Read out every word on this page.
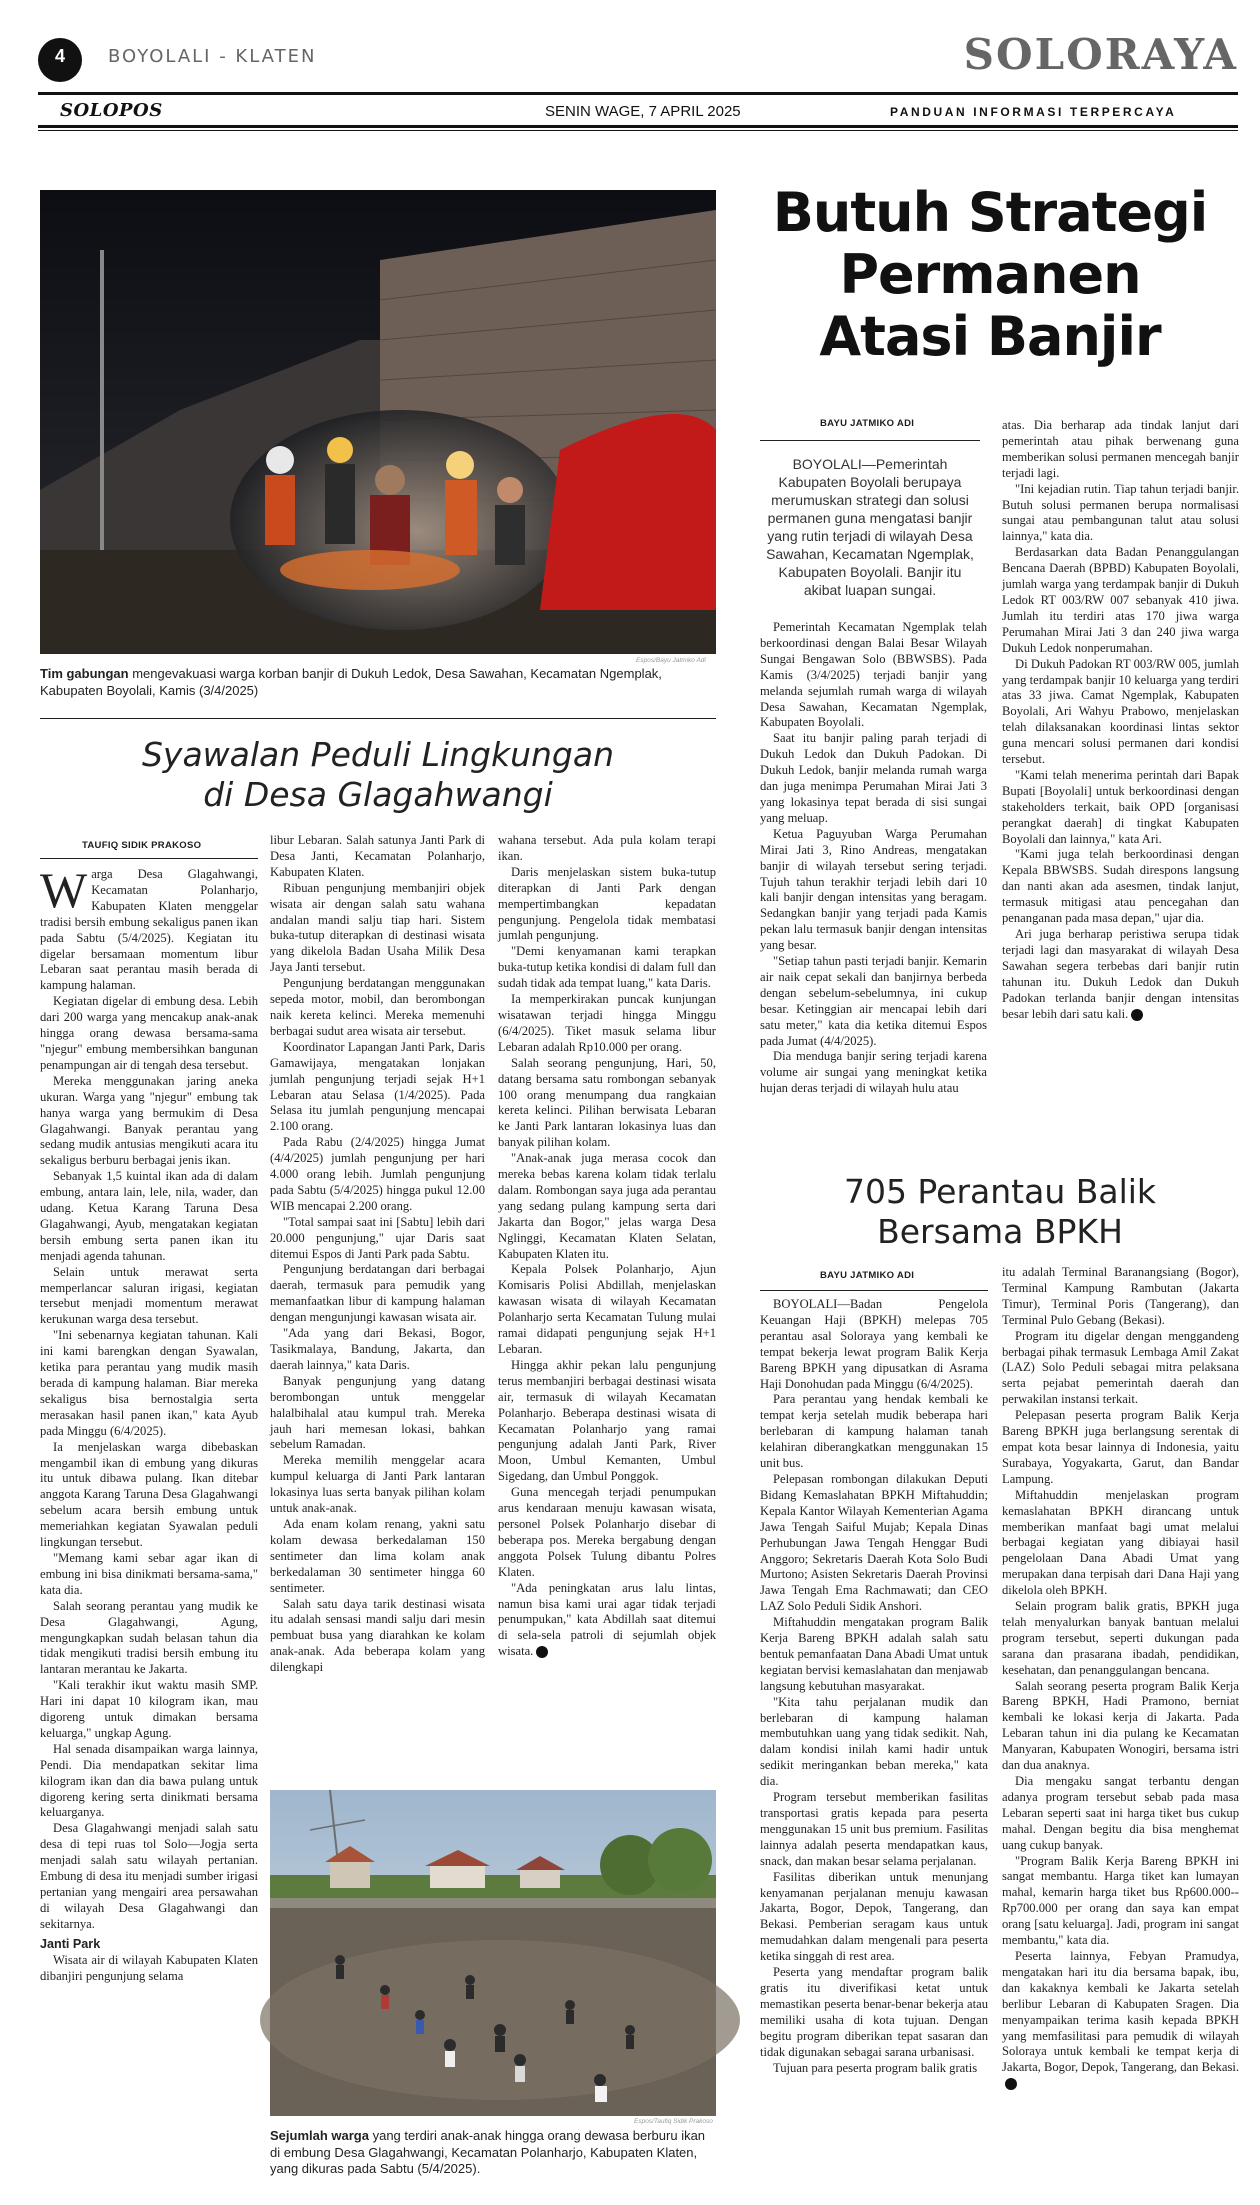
4	BOYOLALI - KLATEN	SOLORAYA
SOLOPOS	SENIN WAGE, 7 APRIL 2025	PANDUAN INFORMASI TERPERCAYA
Espos/Bayu Jatmiko Adi
Tim gabungan mengevakuasi warga korban banjir di Dukuh Ledok, Desa Sawahan, Kecamatan Ngemplak, Kabupaten Boyolali, Kamis (3/4/2025)
Butuh Strategi
Permanen
Atasi Banjir
BAYU JATMIKO ADI
BOYOLALI—Pemerintah Kabupaten Boyolali berupaya merumuskan strategi dan solusi permanen guna mengatasi banjir yang rutin terjadi di wilayah Desa Sawahan, Kecamatan Ngemplak, Kabupaten Boyolali. Banjir itu akibat luapan sungai.

Pemerintah Kecamatan Ngemplak telah berkoordinasi dengan Balai Besar Wilayah Sungai Bengawan Solo (BBWSBS). Pada Kamis (3/4/2025) terjadi banjir yang melanda sejumlah rumah warga di wilayah Desa Sawahan, Kecamatan Ngemplak, Kabupaten Boyolali.

Saat itu banjir paling parah terjadi di Dukuh Ledok dan Dukuh Padokan. Di Dukuh Ledok, banjir melanda rumah warga dan juga menimpa Perumahan Mirai Jati 3 yang lokasinya tepat berada di sisi sungai yang meluap.

Ketua Paguyuban Warga Perumahan Mirai Jati 3, Rino Andreas, mengatakan banjir di wilayah tersebut sering terjadi. Tujuh tahun terakhir terjadi lebih dari 10 kali banjir dengan intensitas yang beragam. Sedangkan banjir yang terjadi pada Kamis pekan lalu termasuk banjir dengan intensitas yang besar.

"Setiap tahun pasti terjadi banjir. Kemarin air naik cepat sekali dan banjirnya berbeda dengan sebelum-sebelumnya, ini cukup besar. Ketinggian air mencapai lebih dari satu meter," kata dia ketika ditemui Espos pada Jumat (4/4/2025).

Dia menduga banjir sering terjadi karena volume air sungai yang meningkat ketika hujan deras terjadi di wilayah hulu atau

atas. Dia berharap ada tindak lanjut dari pemerintah atau pihak berwenang guna memberikan solusi permanen mencegah banjir terjadi lagi.

"Ini kejadian rutin. Tiap tahun terjadi banjir. Butuh solusi permanen berupa normalisasi sungai atau pembangunan talut atau solusi lainnya," kata dia.

Berdasarkan data Badan Penanggulangan Bencana Daerah (BPBD) Kabupaten Boyolali, jumlah warga yang terdampak banjir di Dukuh Ledok RT 003/RW 007 sebanyak 410 jiwa. Jumlah itu terdiri atas 170 jiwa warga Perumahan Mirai Jati 3 dan 240 jiwa warga Dukuh Ledok nonperumahan.

Di Dukuh Padokan RT 003/RW 005, jumlah yang terdampak banjir 10 keluarga yang terdiri atas 33 jiwa. Camat Ngemplak, Kabupaten Boyolali, Ari Wahyu Prabowo, menjelaskan telah dilaksanakan koordinasi lintas sektor guna mencari solusi permanen dari kondisi tersebut.

"Kami telah menerima perintah dari Bapak Bupati [Boyolali] untuk berkoordinasi dengan stakeholders terkait, baik OPD [organisasi perangkat daerah] di tingkat Kabupaten Boyolali dan lainnya," kata Ari.

"Kami juga telah berkoordinasi dengan Kepala BBWSBS. Sudah direspons langsung dan nanti akan ada asesmen, tindak lanjut, termasuk mitigasi atau pencegahan dan penanganan pada masa depan," ujar dia.

Ari juga berharap peristiwa serupa tidak terjadi lagi dan masyarakat di wilayah Desa Sawahan segera terbebas dari banjir rutin tahunan itu. Dukuh Ledok dan Dukuh Padokan terlanda banjir dengan intensitas besar lebih dari satu kali.

Syawalan Peduli Lingkungan
di Desa Glagahwangi
TAUFIQ SIDIK PRAKOSO

Warga Desa Glagahwangi, Kecamatan Polanharjo, Kabupaten Klaten menggelar tradisi bersih embung sekaligus panen ikan pada Sabtu (5/4/2025). Kegiatan itu digelar bersamaan momentum libur Lebaran saat perantau masih berada di kampung halaman.

Kegiatan digelar di embung desa. Lebih dari 200 warga yang mencakup anak-anak hingga orang dewasa bersama-sama "njegur" embung membersihkan bangunan penampungan air di tengah desa tersebut.

Mereka menggunakan jaring aneka ukuran. Warga yang "njegur" embung tak hanya warga yang bermukim di Desa Glagahwangi. Banyak perantau yang sedang mudik antusias mengikuti acara itu sekaligus berburu berbagai jenis ikan.

Sebanyak 1,5 kuintal ikan ada di dalam embung, antara lain, lele, nila, wader, dan udang. Ketua Karang Taruna Desa Glagahwangi, Ayub, mengatakan kegiatan bersih embung serta panen ikan itu menjadi agenda tahunan.

Selain untuk merawat serta memperlancar saluran irigasi, kegiatan tersebut menjadi momentum merawat kerukunan warga desa tersebut.

"Ini sebenarnya kegiatan tahunan. Kali ini kami barengkan dengan Syawalan, ketika para perantau yang mudik masih berada di kampung halaman. Biar mereka sekaligus bisa bernostalgia serta merasakan hasil panen ikan," kata Ayub pada Minggu (6/4/2025).

Ia menjelaskan warga dibebaskan mengambil ikan di embung yang dikuras itu untuk dibawa pulang. Ikan ditebar anggota Karang Taruna Desa Glagahwangi sebelum acara bersih embung untuk memeriahkan kegiatan Syawalan peduli lingkungan tersebut.

"Memang kami sebar agar ikan di embung ini bisa dinikmati bersama-sama," kata dia.

Salah seorang perantau yang mudik ke Desa Glagahwangi, Agung, mengungkapkan sudah belasan tahun dia tidak mengikuti tradisi bersih embung itu lantaran merantau ke Jakarta.

"Kali terakhir ikut waktu masih SMP. Hari ini dapat 10 kilogram ikan, mau digoreng untuk dimakan bersama keluarga," ungkap Agung.

Hal senada disampaikan warga lainnya, Pendi. Dia mendapatkan sekitar lima kilogram ikan dan dia bawa pulang untuk digoreng kering serta dinikmati bersama keluarganya.

Desa Glagahwangi menjadi salah satu desa di tepi ruas tol Solo—Jogja serta menjadi salah satu wilayah pertanian. Embung di desa itu menjadi sumber irigasi pertanian yang mengairi area persawahan di wilayah Desa Glagahwangi dan sekitarnya.

Janti Park

Wisata air di wilayah Kabupaten Klaten dibanjiri pengunjung selama

libur Lebaran. Salah satunya Janti Park di Desa Janti, Kecamatan Polanharjo, Kabupaten Klaten.

Ribuan pengunjung membanjiri objek wisata air dengan salah satu wahana andalan mandi salju tiap hari. Sistem buka-tutup diterapkan di destinasi wisata yang dikelola Badan Usaha Milik Desa Jaya Janti tersebut.

Pengunjung berdatangan menggunakan sepeda motor, mobil, dan berombongan naik kereta kelinci. Mereka memenuhi berbagai sudut area wisata air tersebut.

Koordinator Lapangan Janti Park, Daris Gamawijaya, mengatakan lonjakan jumlah pengunjung terjadi sejak H+1 Lebaran atau Selasa (1/4/2025). Pada Selasa itu jumlah pengunjung mencapai 2.100 orang.

Pada Rabu (2/4/2025) hingga Jumat (4/4/2025) jumlah pengunjung per hari 4.000 orang lebih. Jumlah pengunjung pada Sabtu (5/4/2025) hingga pukul 12.00 WIB mencapai 2.200 orang.

"Total sampai saat ini [Sabtu] lebih dari 20.000 pengunjung," ujar Daris saat ditemui Espos di Janti Park pada Sabtu.

Pengunjung berdatangan dari berbagai daerah, termasuk para pemudik yang memanfaatkan libur di kampung halaman dengan mengunjungi kawasan wisata air.

"Ada yang dari Bekasi, Bogor, Tasikmalaya, Bandung, Jakarta, dan daerah lainnya," kata Daris.

Banyak pengunjung yang datang berombongan untuk menggelar halalbihalal atau kumpul trah. Mereka jauh hari memesan lokasi, bahkan sebelum Ramadan.

Mereka memilih menggelar acara kumpul keluarga di Janti Park lantaran lokasinya luas serta banyak pilihan kolam untuk anak-anak.

Ada enam kolam renang, yakni satu kolam dewasa berkedalaman 150 sentimeter dan lima kolam anak berkedalaman 30 sentimeter hingga 60 sentimeter.

Salah satu daya tarik destinasi wisata itu adalah sensasi mandi salju dari mesin pembuat busa yang diarahkan ke kolam anak-anak. Ada beberapa kolam yang dilengkapi

wahana tersebut. Ada pula kolam terapi ikan.

Daris menjelaskan sistem buka-tutup diterapkan di Janti Park dengan mempertimbangkan kepadatan pengunjung. Pengelola tidak membatasi jumlah pengunjung.

"Demi kenyamanan kami terapkan buka-tutup ketika kondisi di dalam full dan sudah tidak ada tempat luang," kata Daris.

Ia memperkirakan puncak kunjungan wisatawan terjadi hingga Minggu (6/4/2025). Tiket masuk selama libur Lebaran adalah Rp10.000 per orang.

Salah seorang pengunjung, Hari, 50, datang bersama satu rombongan sebanyak 100 orang menumpang dua rangkaian kereta kelinci. Pilihan berwisata Lebaran ke Janti Park lantaran lokasinya luas dan banyak pilihan kolam.

"Anak-anak juga merasa cocok dan mereka bebas karena kolam tidak terlalu dalam. Rombongan saya juga ada perantau yang sedang pulang kampung serta dari Jakarta dan Bogor," jelas warga Desa Nglinggi, Kecamatan Klaten Selatan, Kabupaten Klaten itu.

Kepala Polsek Polanharjo, Ajun Komisaris Polisi Abdillah, menjelaskan kawasan wisata di wilayah Kecamatan Polanharjo serta Kecamatan Tulung mulai ramai didapati pengunjung sejak H+1 Lebaran.

Hingga akhir pekan lalu pengunjung terus membanjiri berbagai destinasi wisata air, termasuk di wilayah Kecamatan Polanharjo. Beberapa destinasi wisata di Kecamatan Polanharjo yang ramai pengunjung adalah Janti Park, River Moon, Umbul Kemanten, Umbul Sigedang, dan Umbul Ponggok.

Guna mencegah terjadi penumpukan arus kendaraan menuju kawasan wisata, personel Polsek Polanharjo disebar di beberapa pos. Mereka bergabung dengan anggota Polsek Tulung dibantu Polres Klaten.

"Ada peningkatan arus lalu lintas, namun bisa kami urai agar tidak terjadi penumpukan," kata Abdillah saat ditemui di sela-sela patroli di sejumlah objek wisata.

Espos/Taufiq Sidik Prakoso
Sejumlah warga yang terdiri anak-anak hingga orang dewasa berburu ikan di embung Desa Glagahwangi, Kecamatan Polanharjo, Kabupaten Klaten, yang dikuras pada Sabtu (5/4/2025).
705 Perantau Balik
Bersama BPKH
BAYU JATMIKO ADI

BOYOLALI—Badan Pengelola Keuangan Haji (BPKH) melepas 705 perantau asal Soloraya yang kembali ke tempat bekerja lewat program Balik Kerja Bareng BPKH yang dipusatkan di Asrama Haji Donohudan pada Minggu (6/4/2025).

Para perantau yang hendak kembali ke tempat kerja setelah mudik beberapa hari berlebaran di kampung halaman tanah kelahiran diberangkatkan menggunakan 15 unit bus.

Pelepasan rombongan dilakukan Deputi Bidang Kemaslahatan BPKH Miftahuddin; Kepala Kantor Wilayah Kementerian Agama Jawa Tengah Saiful Mujab; Kepala Dinas Perhubungan Jawa Tengah Henggar Budi Anggoro; Sekretaris Daerah Kota Solo Budi Murtono; Asisten Sekretaris Daerah Provinsi Jawa Tengah Ema Rachmawati; dan CEO LAZ Solo Peduli Sidik Anshori.

Miftahuddin mengatakan program Balik Kerja Bareng BPKH adalah salah satu bentuk pemanfaatan Dana Abadi Umat untuk kegiatan bervisi kemaslahatan dan menjawab langsung kebutuhan masyarakat.

"Kita tahu perjalanan mudik dan berlebaran di kampung halaman membutuhkan uang yang tidak sedikit. Nah, dalam kondisi inilah kami hadir untuk sedikit meringankan beban mereka," kata dia.

Program tersebut memberikan fasilitas transportasi gratis kepada para peserta menggunakan 15 unit bus premium. Fasilitas lainnya adalah peserta mendapatkan kaus, snack, dan makan besar selama perjalanan.

Fasilitas diberikan untuk menunjang kenyamanan perjalanan menuju kawasan Jakarta, Bogor, Depok, Tangerang, dan Bekasi. Pemberian seragam kaus untuk memudahkan dalam mengenali para peserta ketika singgah di rest area.

Peserta yang mendaftar program balik gratis itu diverifikasi ketat untuk memastikan peserta benar-benar bekerja atau memiliki usaha di kota tujuan. Dengan begitu program diberikan tepat sasaran dan tidak digunakan sebagai sarana urbanisasi.

Tujuan para peserta program balik gratis

itu adalah Terminal Baranangsiang (Bogor), Terminal Kampung Rambutan (Jakarta Timur), Terminal Poris (Tangerang), dan Terminal Pulo Gebang (Bekasi).

Program itu digelar dengan menggandeng berbagai pihak termasuk Lembaga Amil Zakat (LAZ) Solo Peduli sebagai mitra pelaksana serta pejabat pemerintah daerah dan perwakilan instansi terkait.

Pelepasan peserta program Balik Kerja Bareng BPKH juga berlangsung serentak di empat kota besar lainnya di Indonesia, yaitu Surabaya, Yogyakarta, Garut, dan Bandar Lampung.

Miftahuddin menjelaskan program kemaslahatan BPKH dirancang untuk memberikan manfaat bagi umat melalui berbagai kegiatan yang dibiayai hasil pengelolaan Dana Abadi Umat yang merupakan dana terpisah dari Dana Haji yang dikelola oleh BPKH.

Selain program balik gratis, BPKH juga telah menyalurkan banyak bantuan melalui program tersebut, seperti dukungan pada sarana dan prasarana ibadah, pendidikan, kesehatan, dan penanggulangan bencana.

Salah seorang peserta program Balik Kerja Bareng BPKH, Hadi Pramono, berniat kembali ke lokasi kerja di Jakarta. Pada Lebaran tahun ini dia pulang ke Kecamatan Manyaran, Kabupaten Wonogiri, bersama istri dan dua anaknya.

Dia mengaku sangat terbantu dengan adanya program tersebut sebab pada masa Lebaran seperti saat ini harga tiket bus cukup mahal. Dengan begitu dia bisa menghemat uang cukup banyak.

"Program Balik Kerja Bareng BPKH ini sangat membantu. Harga tiket kan lumayan mahal, kemarin harga tiket bus Rp600.000--Rp700.000 per orang dan saya kan empat orang [satu keluarga]. Jadi, program ini sangat membantu," kata dia.

Peserta lainnya, Febyan Pramudya, mengatakan hari itu dia bersama bapak, ibu, dan kakaknya kembali ke Jakarta setelah berlibur Lebaran di Kabupaten Sragen. Dia menyampaikan terima kasih kepada BPKH yang memfasilitasi para pemudik di wilayah Soloraya untuk kembali ke tempat kerja di Jakarta, Bogor, Depok, Tangerang, dan Bekasi.
